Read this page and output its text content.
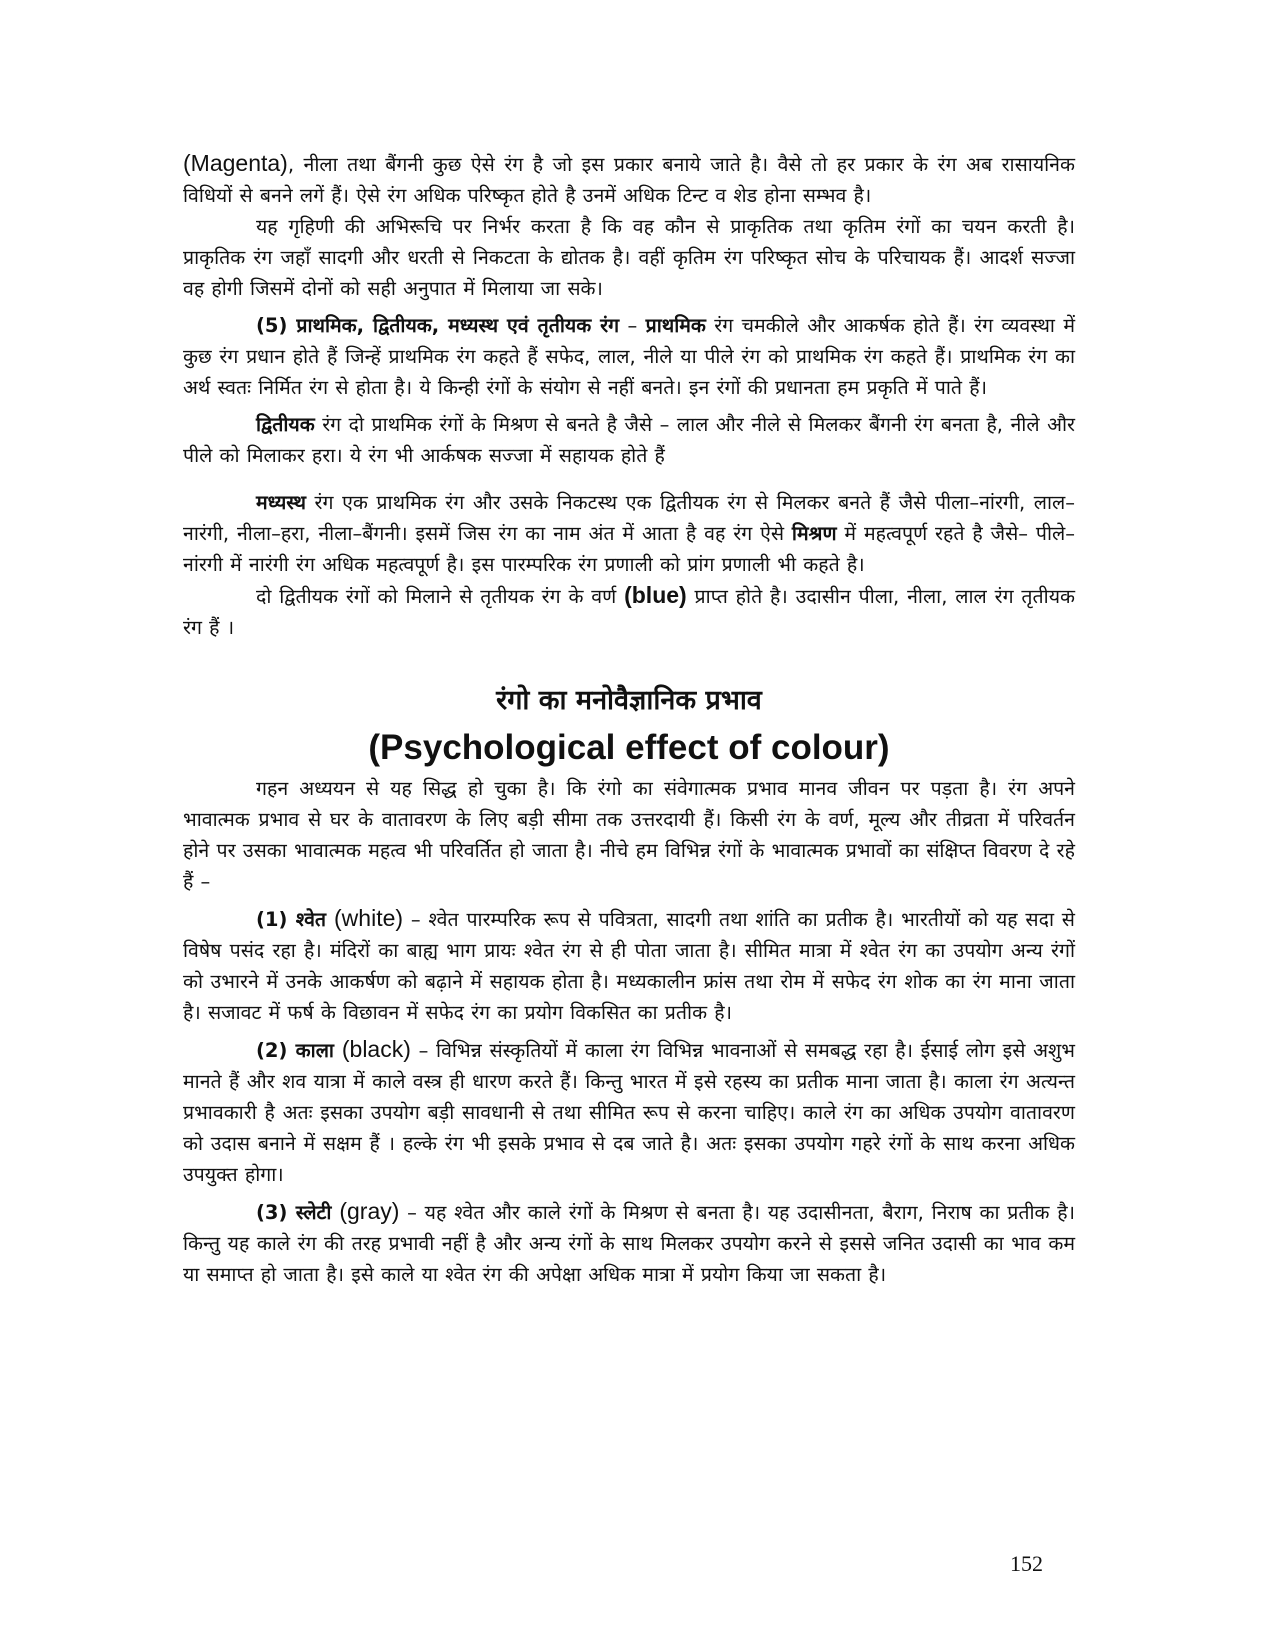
(Magenta), नीला तथा बैंगनी कुछ ऐसे रंग है जो इस प्रकार बनाये जाते है। वैसे तो हर प्रकार के रंग अब रासायनिक विधियों से बनने लगें हैं। ऐसे रंग अधिक परिष्कृत होते है उनमें अधिक टिन्ट व शेड होना सम्भव है।

यह गृहिणी की अभिरूचि पर निर्भर करता है कि वह कौन से प्राकृतिक तथा कृतिम रंगों का चयन करती है। प्राकृतिक रंग जहाँ सादगी और धरती से निकटता के द्योतक है। वहीं कृतिम रंग परिष्कृत सोच के परिचायक हैं। आदर्श सज्जा वह होगी जिसमें दोनों को सही अनुपात में मिलाया जा सके।

(5) प्राथमिक, द्वितीयक, मध्यस्थ एवं तृतीयक रंग – प्राथमिक रंग चमकीले और आकर्षक होते हैं। रंग व्यवस्था में कुछ रंग प्रधान होते हैं जिन्हें प्राथमिक रंग कहते हैं सफेद, लाल, नीले या पीले रंग को प्राथमिक रंग कहते हैं। प्राथमिक रंग का अर्थ स्वतः निर्मित रंग से होता है। ये किन्ही रंगों के संयोग से नहीं बनते। इन रंगों की प्रधानता हम प्रकृति में पाते हैं।

द्वितीयक रंग दो प्राथमिक रंगों के मिश्रण से बनते है जैसे – लाल और नीले से मिलकर बैंगनी रंग बनता है, नीले और पीले को मिलाकर हरा। ये रंग भी आर्कषक सज्जा में सहायक होते हैं

मध्यस्थ रंग एक प्राथमिक रंग और उसके निकटस्थ एक द्वितीयक रंग से मिलकर बनते हैं जैसे पीला–नांरगी, लाल–नारंगी, नीला–हरा, नीला–बैंगनी। इसमें जिस रंग का नाम अंत में आता है वह रंग ऐसे मिश्रण में महत्वपूर्ण रहते है जैसे– पीले– नांरगी में नारंगी रंग अधिक महत्वपूर्ण है। इस पारम्परिक रंग प्रणाली को प्रांग प्रणाली भी कहते है।

दो द्वितीयक रंगों को मिलाने से तृतीयक रंग के वर्ण (blue) प्राप्त होते है। उदासीन पीला, नीला, लाल रंग तृतीयक रंग हैं ।

रंगो का मनोवैज्ञानिक प्रभाव
(Psychological effect of colour)

गहन अध्ययन से यह सिद्ध हो चुका है। कि रंगो का संवेगात्मक प्रभाव मानव जीवन पर पड़ता है। रंग अपने भावात्मक प्रभाव से घर के वातावरण के लिए बड़ी सीमा तक उत्तरदायी हैं। किसी रंग के वर्ण, मूल्य और तीव्रता में परिवर्तन होने पर उसका भावात्मक महत्व भी परिवर्तित हो जाता है। नीचे हम विभिन्न रंगों के भावात्मक प्रभावों का संक्षिप्त विवरण दे रहे हैं –

(1) श्वेत (white) – श्वेत पारम्परिक रूप से पवित्रता, सादगी तथा शांति का प्रतीक है। भारतीयों को यह सदा से विषेष पसंद रहा है। मंदिरों का बाह्य भाग प्रायः श्वेत रंग से ही पोता जाता है। सीमित मात्रा में श्वेत रंग का उपयोग अन्य रंगों को उभारने में उनके आकर्षण को बढ़ाने में सहायक होता है। मध्यकालीन फ्रांस तथा रोम में सफेद रंग शोक का रंग माना जाता है। सजावट में फर्ष के विछावन में सफेद रंग का प्रयोग विकसित का प्रतीक है।

(2) काला (black) – विभिन्न संस्कृतियों में काला रंग विभिन्न भावनाओं से समबद्ध रहा है। ईसाई लोग इसे अशुभ मानते हैं और शव यात्रा में काले वस्त्र ही धारण करते हैं। किन्तु भारत में इसे रहस्य का प्रतीक माना जाता है। काला रंग अत्यन्त प्रभावकारी है अतः इसका उपयोग बड़ी सावधानी से तथा सीमित रूप से करना चाहिए। काले रंग का अधिक उपयोग वातावरण को उदास बनाने में सक्षम हैं । हल्के रंग भी इसके प्रभाव से दब जाते है। अतः इसका उपयोग गहरे रंगों के साथ करना अधिक उपयुक्त होगा।

(3) स्लेटी (gray) – यह श्वेत और काले रंगों के मिश्रण से बनता है। यह उदासीनता, बैराग, निराष का प्रतीक है। किन्तु यह काले रंग की तरह प्रभावी नहीं है और अन्य रंगों के साथ मिलकर उपयोग करने से इससे जनित उदासी का भाव कम या समाप्त हो जाता है। इसे काले या श्वेत रंग की अपेक्षा अधिक मात्रा में प्रयोग किया जा सकता है।

152
